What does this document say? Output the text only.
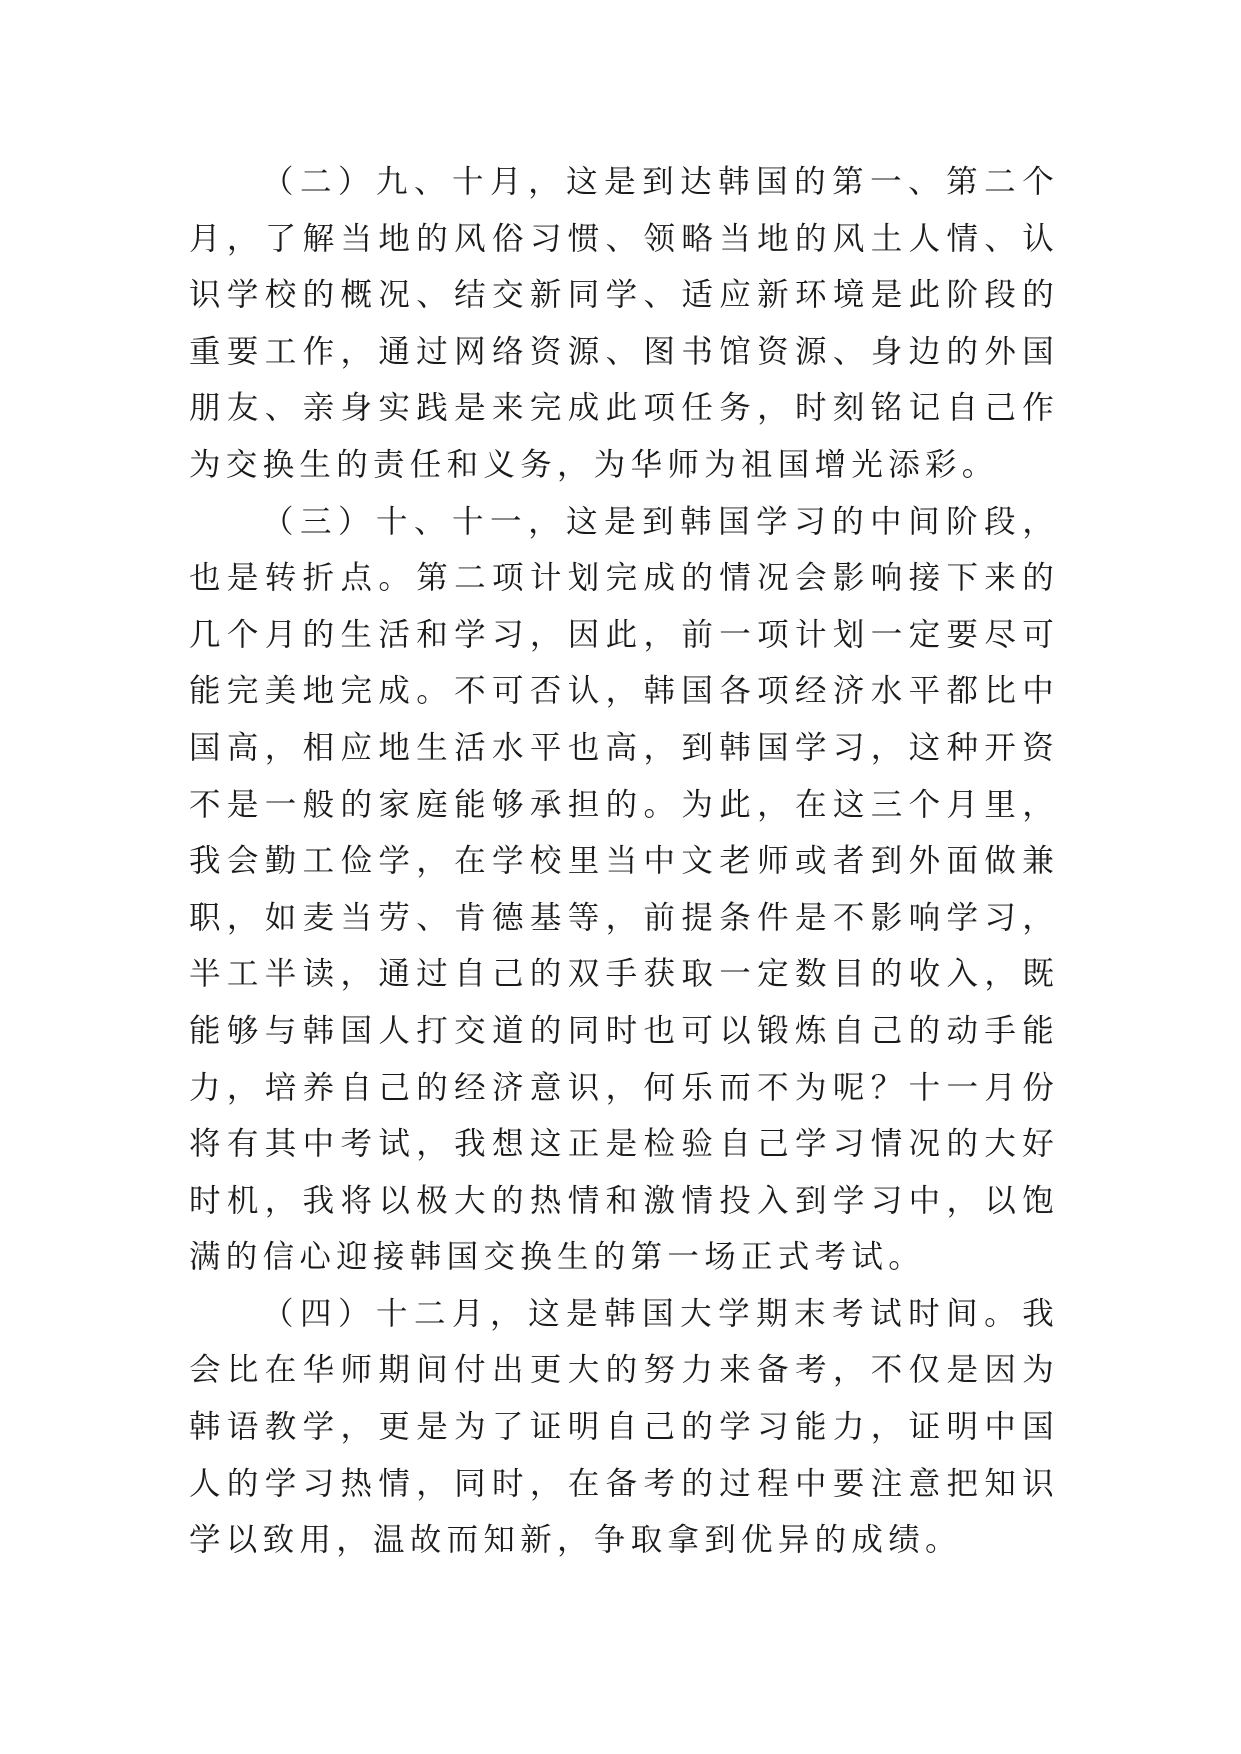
（二）九、十月，这是到达韩国的第一、第二个月，了解当地的风俗习惯、领略当地的风土人情、认识学校的概况、结交新同学、适应新环境是此阶段的重要工作，通过网络资源、图书馆资源、身边的外国朋友、亲身实践是来完成此项任务，时刻铭记自己作为交换生的责任和义务，为华师为祖国增光添彩。

（三）十、十一，这是到韩国学习的中间阶段，也是转折点。第二项计划完成的情况会影响接下来的几个月的生活和学习，因此，前一项计划一定要尽可能完美地完成。不可否认，韩国各项经济水平都比中国高，相应地生活水平也高，到韩国学习，这种开资不是一般的家庭能够承担的。为此，在这三个月里，我会勤工俭学，在学校里当中文老师或者到外面做兼职，如麦当劳、肯德基等，前提条件是不影响学习，半工半读，通过自己的双手获取一定数目的收入，既能够与韩国人打交道的同时也可以锻炼自己的动手能力，培养自己的经济意识，何乐而不为呢？十一月份将有其中考试，我想这正是检验自己学习情况的大好时机，我将以极大的热情和激情投入到学习中，以饱满的信心迎接韩国交换生的第一场正式考试。

（四）十二月，这是韩国大学期末考试时间。我会比在华师期间付出更大的努力来备考，不仅是因为韩语教学，更是为了证明自己的学习能力，证明中国人的学习热情，同时，在备考的过程中要注意把知识学以致用，温故而知新，争取拿到优异的成绩。
